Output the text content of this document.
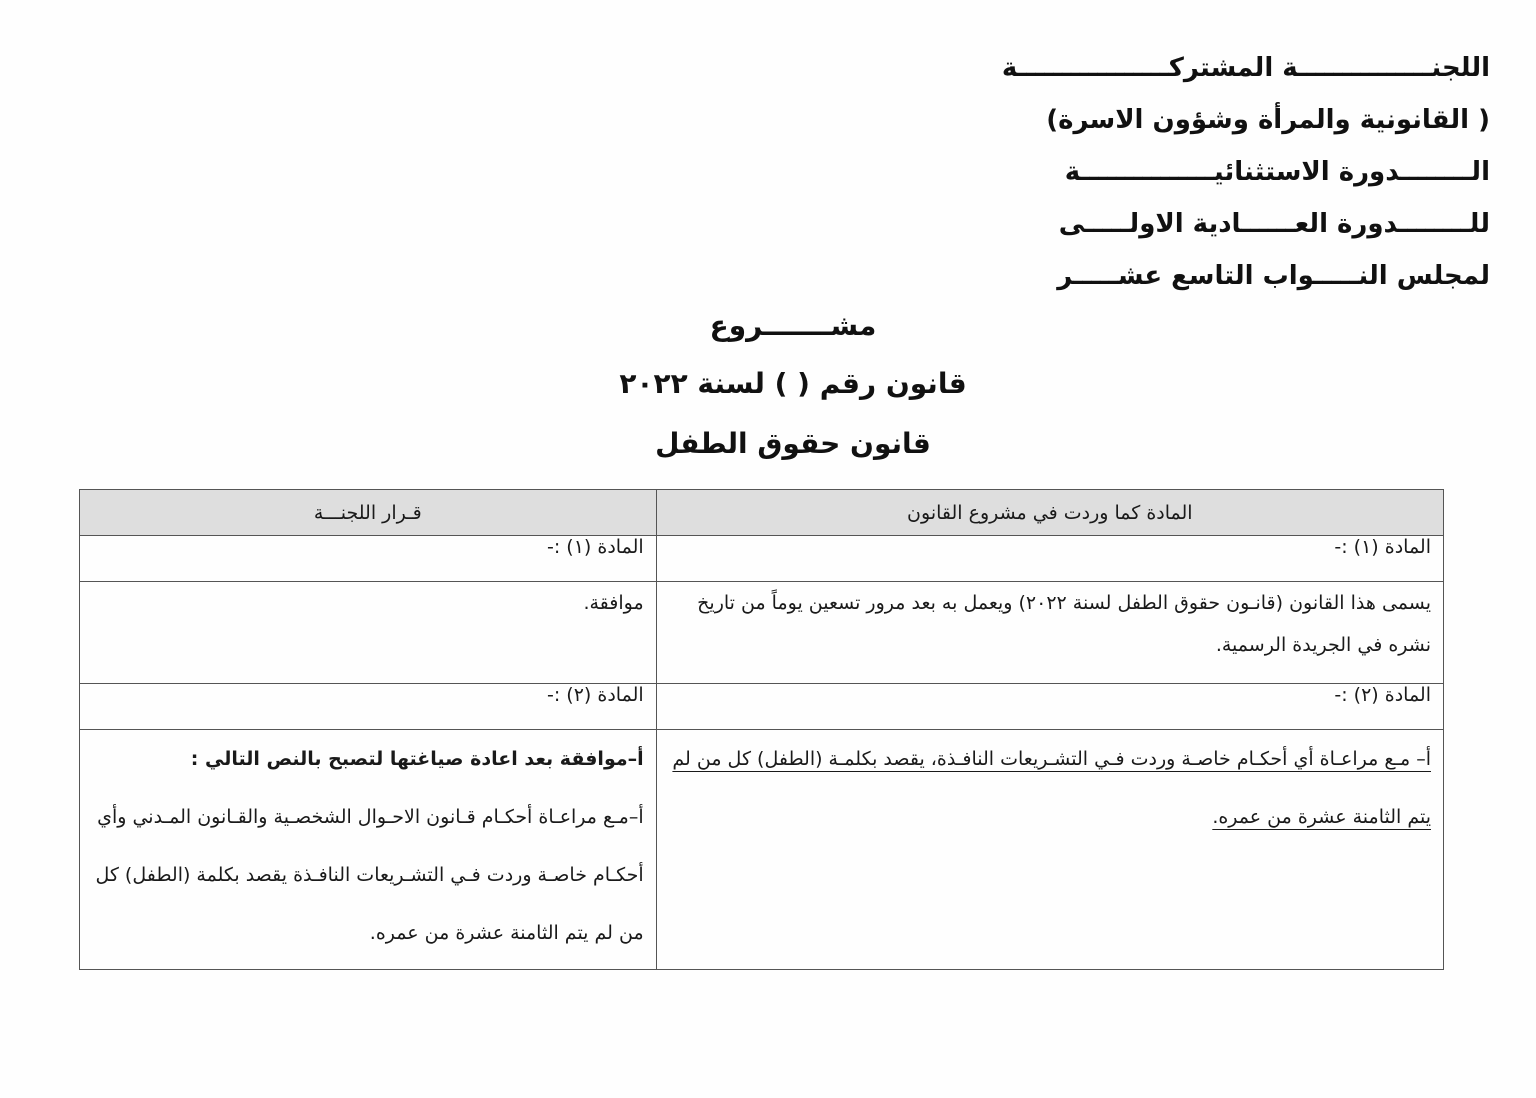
اللجنـــــــــــــــة المشتركـــــــــــــــــة
( القانونية والمرأة وشؤون الاسرة)
الــــــــدورة الاستثنائيـــــــــــــــة
للــــــــدورة العــــــادية الاولـــــى
لمجلس النـــــواب التاسع عشـــــر
مشـــــــروع
قانون رقم ( ) لسنة ٢٠٢٢
قانون حقوق الطفل
المادة كما وردت في مشروع القانون	قـرار اللجنـــة
المادة (١) :-	المادة (١) :-
يسمى هذا القانون (قانـون حقوق الطفل لسنة ٢٠٢٢) ويعمل به بعد مرور تسعين يوماً من تاريخ نشره في الجريدة الرسمية.	موافقة.
المادة (٢) :-	المادة (٢) :-
أ– مـع مراعـاة أي أحكـام خاصـة وردت فـي التشـريعات النافـذة، يقصد بكلمـة (الطفل) كل من لم يتم الثامنة عشرة من عمره.	أ–موافقة بعد اعادة صياغتها لتصبح بالنص التالي :
أ–مـع مراعـاة أحكـام قـانون الاحـوال الشخصـية والقـانون المـدني وأي أحكـام خاصـة وردت فـي التشـريعات النافـذة يقصد بكلمة (الطفل) كل من لم يتم الثامنة عشرة من عمره.
